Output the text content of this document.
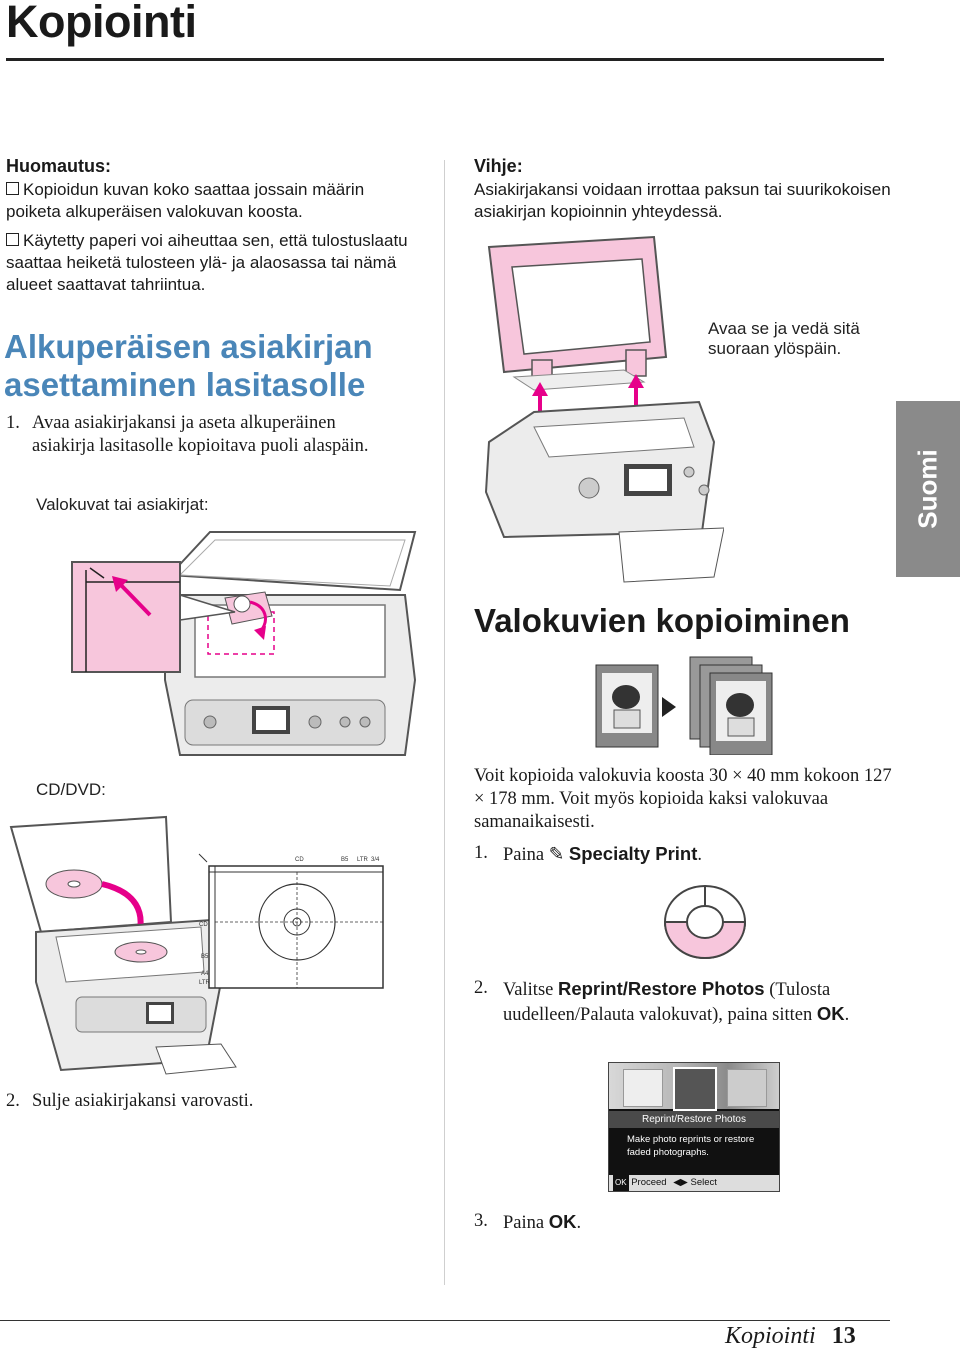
Kopiointi
Huomautus:
Kopioidun kuvan koko saattaa jossain määrin poiketa alkuperäisen valokuvan koosta.
Käytetty paperi voi aiheuttaa sen, että tulostuslaatu saattaa heiketä tulosteen ylä- ja alaosassa tai nämä alueet saattavat tahriintua.
Alkuperäisen asiakirjan
asettaminen lasitasolle
1. Avaa asiakirjakansi ja aseta alkuperäinen asiakirja lasitasolle kopioitava puoli alaspäin.
Valokuvat tai asiakirjat:
CD/DVD:
CD	B5 LTR 3/4
CD
B5
A4
LTR
2. Sulje asiakirjakansi varovasti.
Vihje:
Asiakirjakansi voidaan irrottaa paksun tai suurikokoisen asiakirjan kopioinnin yhteydessä.
Avaa se ja vedä sitä suoraan ylöspäin.
Suomi
Valokuvien kopioiminen
Voit kopioida valokuvia koosta 30 × 40 mm kokoon 127 × 178 mm. Voit myös kopioida kaksi valokuvaa samanaikaisesti.
1. Paina ✎ Specialty Print.
2. Valitse Reprint/Restore Photos (Tulosta uudelleen/Palauta valokuvat), paina sitten OK.
Reprint/Restore Photos
Make photo reprints or restore
faded photographs.
OK Proceed ◀▶ Select
3. Paina OK.
Kopiointi 13
